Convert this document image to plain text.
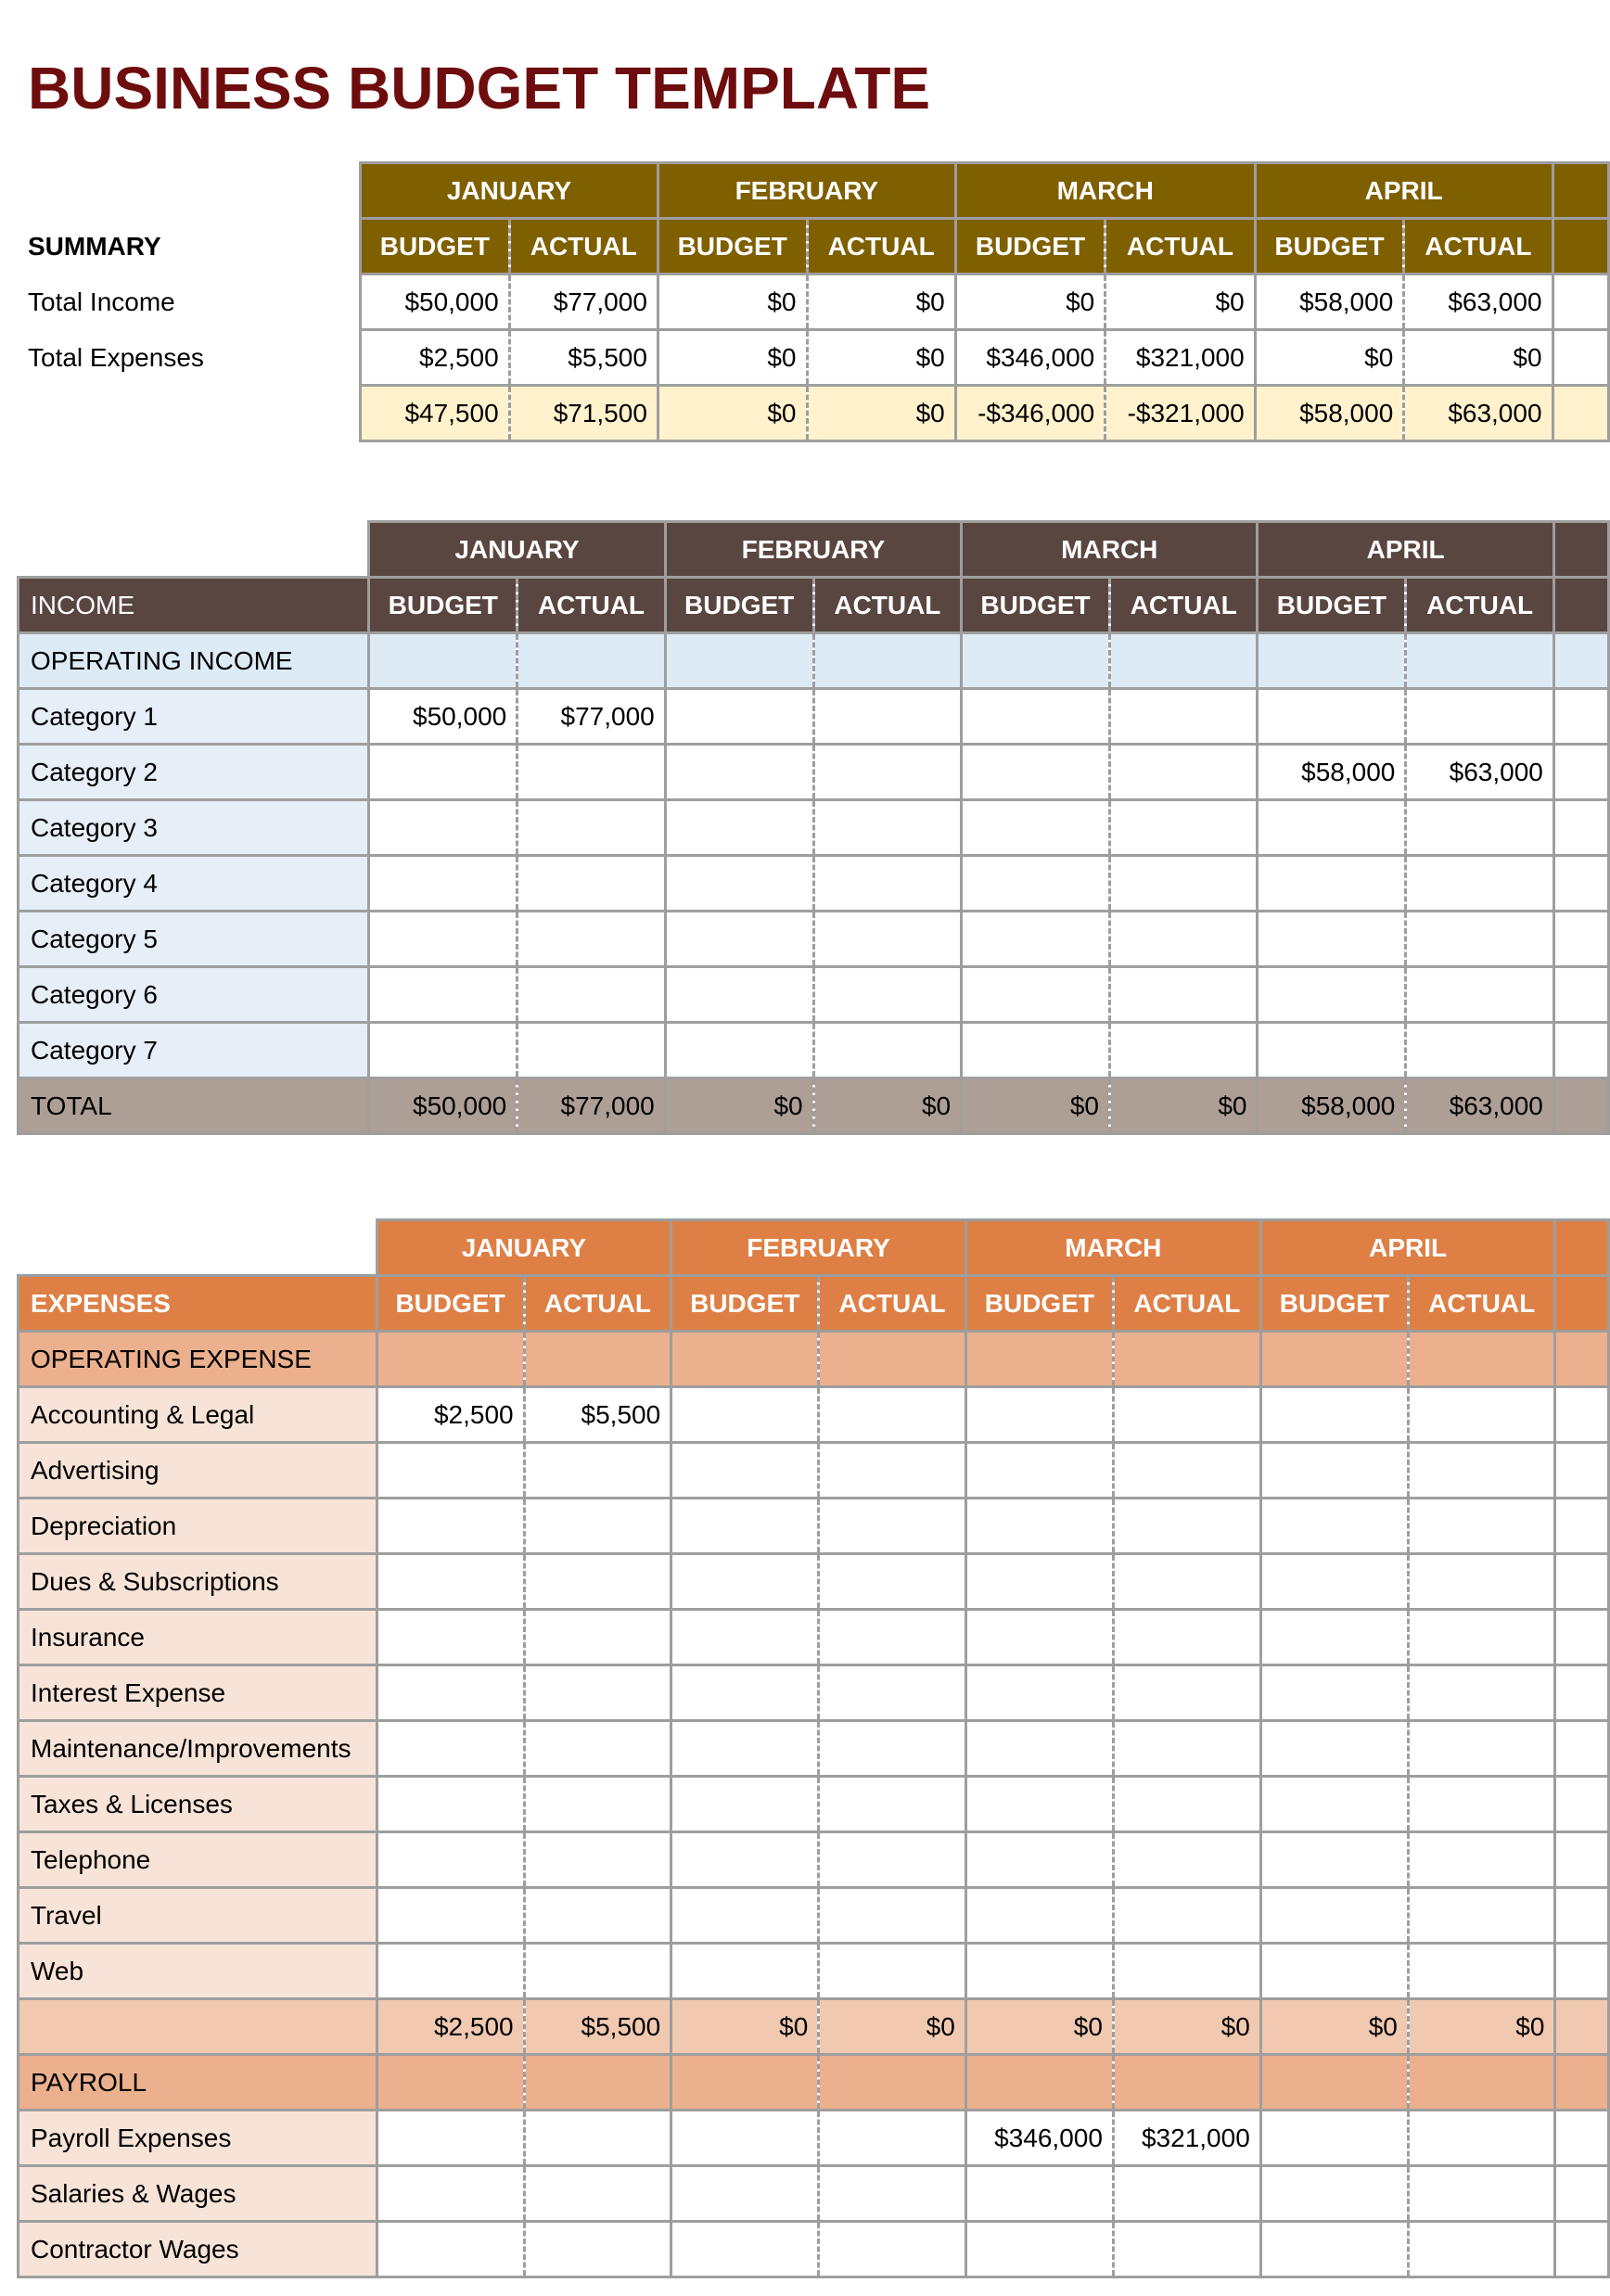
BUSINESS BUDGET TEMPLATE
	JANUARY		FEBRUARY		MARCH		APRIL		
SUMMARY	BUDGET	ACTUAL	BUDGET	ACTUAL	BUDGET	ACTUAL	BUDGET	ACTUAL	
Total Income	$50,000	$77,000	$0	$0	$0	$0	$58,000	$63,000	
Total Expenses	$2,500	$5,500	$0	$0	$346,000	$321,000	$0	$0	
	$47,500	$71,500	$0	$0	-$346,000	-$321,000	$58,000	$63,000	
	JANUARY		FEBRUARY		MARCH		APRIL		
INCOME	BUDGET	ACTUAL	BUDGET	ACTUAL	BUDGET	ACTUAL	BUDGET	ACTUAL	
OPERATING INCOME									
Category 1	$50,000	$77,000							
Category 2							$58,000	$63,000	
Category 3									
Category 4									
Category 5									
Category 6									
Category 7									
TOTAL	$50,000	$77,000	$0	$0	$0	$0	$58,000	$63,000	
	JANUARY		FEBRUARY		MARCH		APRIL		
EXPENSES	BUDGET	ACTUAL	BUDGET	ACTUAL	BUDGET	ACTUAL	BUDGET	ACTUAL	
OPERATING EXPENSE									
Accounting & Legal	$2,500	$5,500							
Advertising									
Depreciation									
Dues & Subscriptions									
Insurance									
Interest Expense									
Maintenance/Improvements									
Taxes & Licenses									
Telephone									
Travel									
Web									
	$2,500	$5,500	$0	$0	$0	$0	$0	$0	
PAYROLL									
Payroll Expenses					$346,000	$321,000			
Salaries & Wages									
Contractor Wages									
